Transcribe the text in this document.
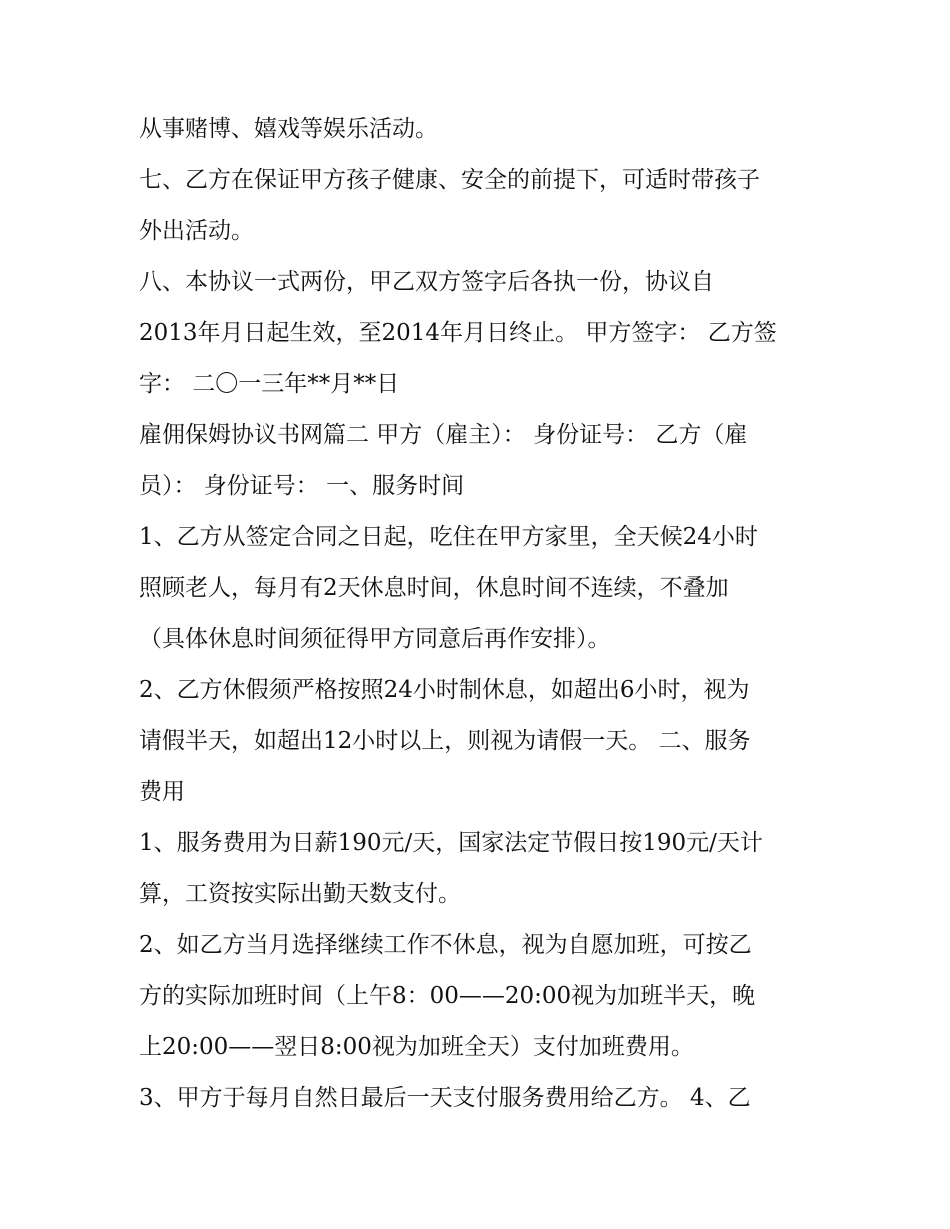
从事赌博、嬉戏等娱乐活动。
七、乙方在保证甲方孩子健康、安全的前提下，可适时带孩子
外出活动。
八、本协议一式两份，甲乙双方签字后各执一份，协议自
2013年月日起生效，至2014年月日终止。 甲方签字： 乙方签
字： 二〇一三年**月**日
雇佣保姆协议书网篇二 甲方（雇主）： 身份证号： 乙方（雇
员）： 身份证号： 一、服务时间
1、乙方从签定合同之日起，吃住在甲方家里，全天候24小时
照顾老人，每月有2天休息时间，休息时间不连续，不叠加
（具体休息时间须征得甲方同意后再作安排）。
2、乙方休假须严格按照24小时制休息，如超出6小时，视为
请假半天，如超出12小时以上，则视为请假一天。 二、服务
费用
1、服务费用为日薪190元/天，国家法定节假日按190元/天计
算，工资按实际出勤天数支付。
2、如乙方当月选择继续工作不休息，视为自愿加班，可按乙
方的实际加班时间（上午8：00——20:00视为加班半天，晚
上20:00——翌日8:00视为加班全天）支付加班费用。
3、甲方于每月自然日最后一天支付服务费用给乙方。 4、乙
